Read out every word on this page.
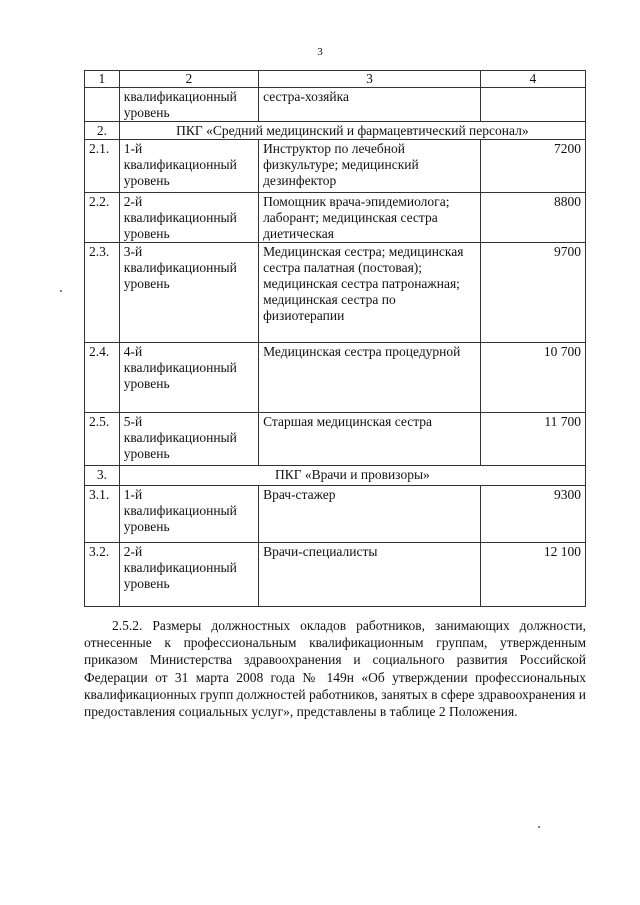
3
1	2	3	4
	квалификационный уровень	сестра-хозяйка	
2.	ПКГ «Средний медицинский и фармацевтический персонал»		
2.1.	1-й квалификационный уровень	Инструктор по лечебной физкультуре; медицинский дезинфектор	7200
2.2.	2-й квалификационный уровень	Помощник врача-эпидемиолога; лаборант; медицинская сестра диетическая	8800
2.3.	3-й квалификационный уровень	Медицинская сестра; медицинская сестра палатная (постовая); медицинская сестра патронажная; медицинская сестра по физиотерапии	9700
2.4.	4-й квалификационный уровень	Медицинская сестра процедурной	10 700
2.5.	5-й квалификационный уровень	Старшая медицинская сестра	11 700
3.	ПКГ «Врачи и провизоры»		
3.1.	1-й квалификационный уровень	Врач-стажер	9300
3.2.	2-й квалификационный уровень	Врачи-специалисты	12 100

2.5.2. Размеры должностных окладов работников, занимающих должности, отнесенные к профессиональным квалификационным группам, утвержденным приказом Министерства здравоохранения и социального развития Российской Федерации от 31 марта 2008 года № 149н «Об утверждении профессиональных квалификационных групп должностей работников, занятых в сфере здравоохранения и предоставления социальных услуг», представлены в таблице 2 Положения.
